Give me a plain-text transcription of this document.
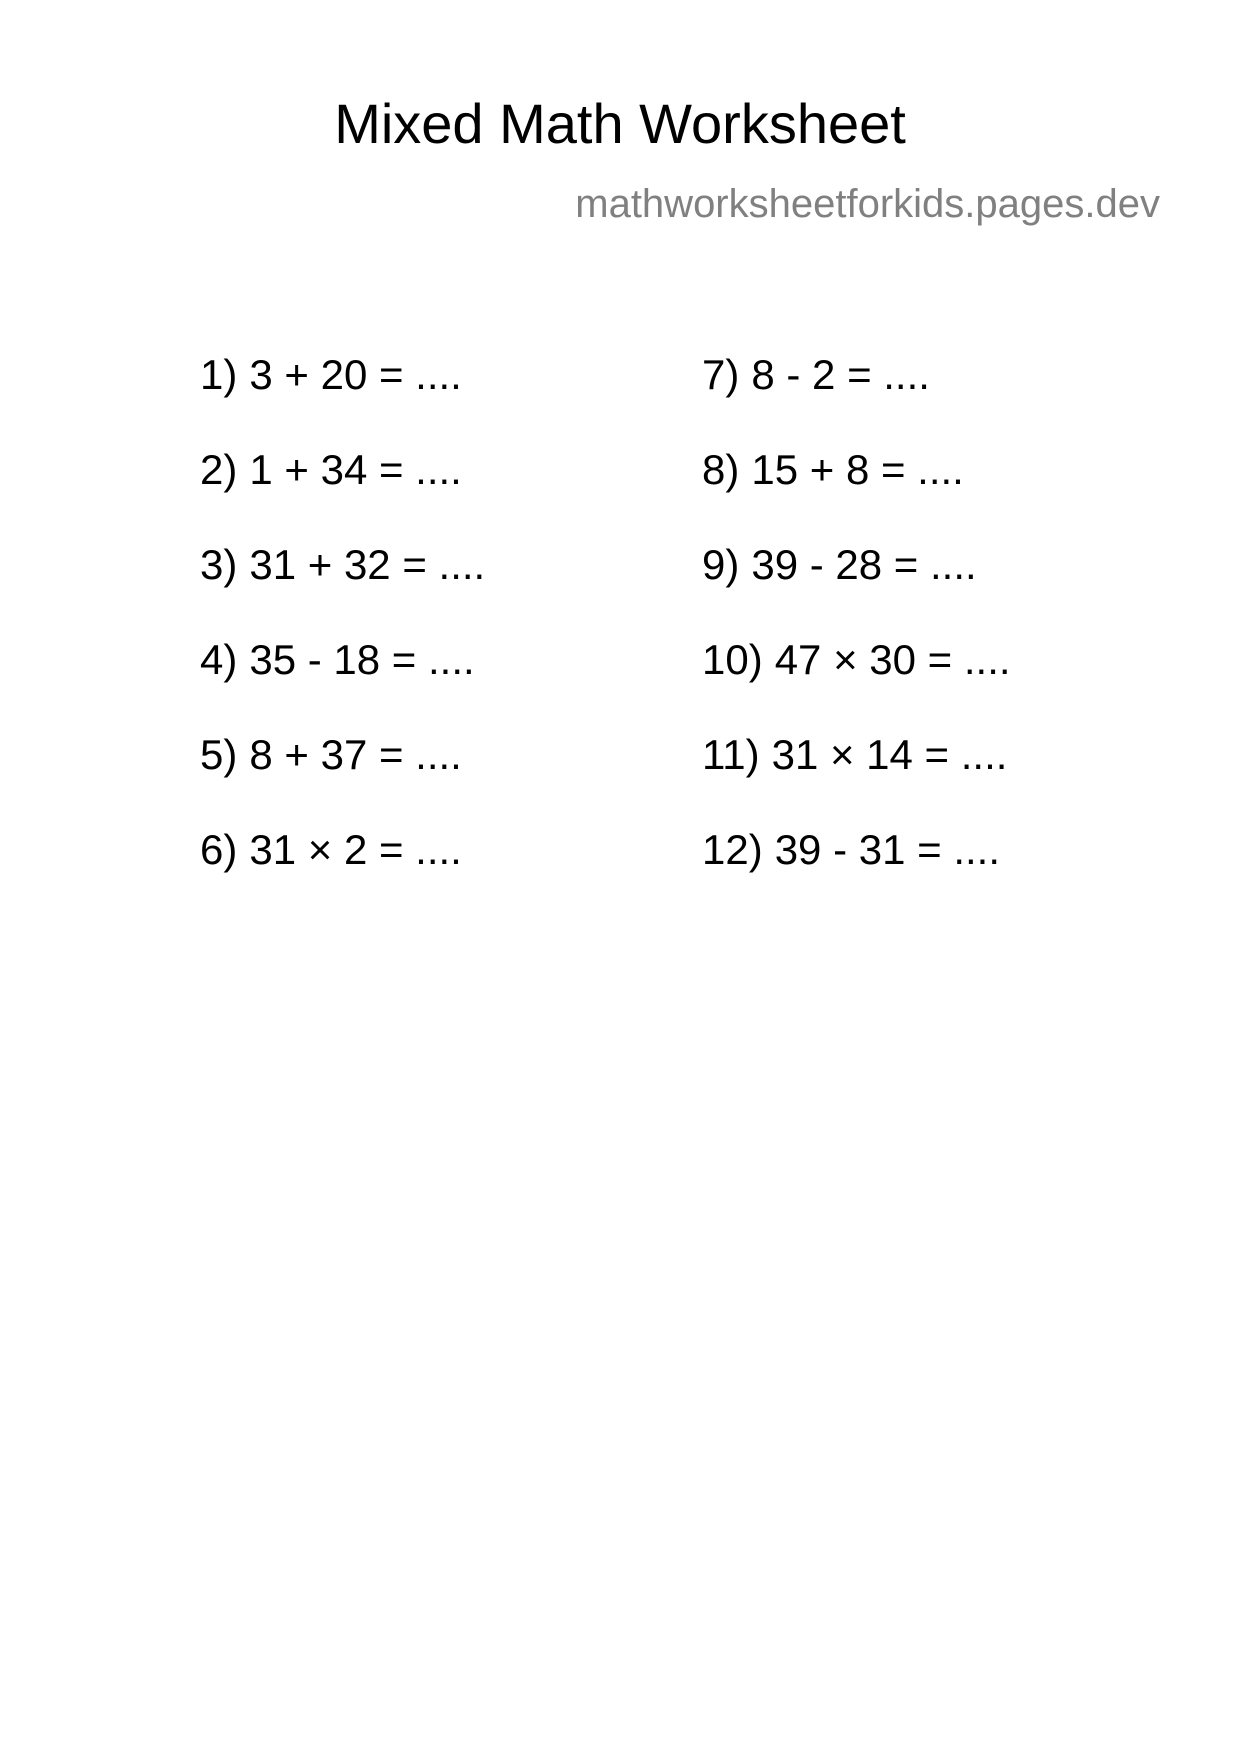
Mixed Math Worksheet

mathworksheetforkids.pages.dev

1) 3 + 20 = ....
2) 1 + 34 = ....
3) 31 + 32 = ....
4) 35 - 18 = ....
5) 8 + 37 = ....
6) 31 × 2 = ....
7) 8 - 2 = ....
8) 15 + 8 = ....
9) 39 - 28 = ....
10) 47 × 30 = ....
11) 31 × 14 = ....
12) 39 - 31 = ....
